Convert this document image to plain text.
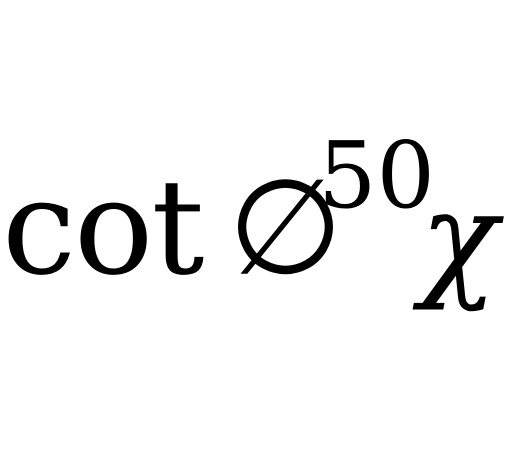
cot ∅
50
χ
